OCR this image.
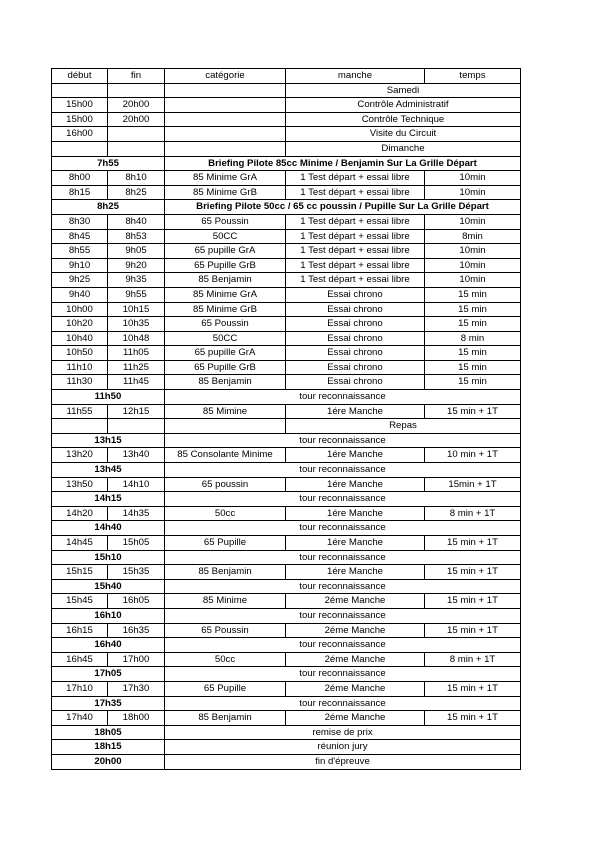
début	fin	catégorie	manche	temps
			Samedi	
15h00	20h00		Contrôle Administratif	
15h00	20h00		Contrôle Technique	
16h00			Visite du Circuit	
			Dimanche	
7h55		Briefing Pilote 85cc Minime / Benjamin Sur La Grille Départ		
8h00	8h10	85 Minime GrA	1 Test départ + essai libre	10min
8h15	8h25	85 Minime GrB	1 Test départ + essai libre	10min
8h25		Briefing Pilote 50cc / 65 cc poussin / Pupille Sur La Grille Départ		
8h30	8h40	65 Poussin	1 Test départ + essai libre	10min
8h45	8h53	50CC	1 Test départ + essai libre	8min
8h55	9h05	65 pupille GrA	1 Test départ + essai libre	10min
9h10	9h20	65 Pupille GrB	1 Test départ + essai libre	10min
9h25	9h35	85 Benjamin	1 Test départ + essai libre	10min
9h40	9h55	85 Minime GrA	Essai chrono	15 min
10h00	10h15	85 Minime GrB	Essai chrono	15 min
10h20	10h35	65 Poussin	Essai chrono	15 min
10h40	10h48	50CC	Essai chrono	8 min
10h50	11h05	65 pupille GrA	Essai chrono	15 min
11h10	11h25	65 Pupille GrB	Essai chrono	15 min
11h30	11h45	85 Benjamin	Essai chrono	15 min
11h50		tour reconnaissance		
11h55	12h15	85 Mimine	1ére Manche	15 min + 1T
			Repas	
13h15		tour reconnaissance		
13h20	13h40	85 Consolante Minime	1ére Manche	10 min + 1T
13h45		tour reconnaissance		
13h50	14h10	65 poussin	1ére Manche	15min + 1T
14h15		tour reconnaissance		
14h20	14h35	50cc	1ére Manche	8 min + 1T
14h40		tour reconnaissance		
14h45	15h05	65 Pupille	1ére Manche	15 min + 1T
15h10		tour reconnaissance		
15h15	15h35	85 Benjamin	1ére Manche	15 min + 1T
15h40		tour reconnaissance		
15h45	16h05	85 Minime	2éme Manche	15 min + 1T
16h10		tour reconnaissance		
16h15	16h35	65 Poussin	2éme Manche	15 min + 1T
16h40		tour reconnaissance		
16h45	17h00	50cc	2éme Manche	8 min + 1T
17h05		tour reconnaissance		
17h10	17h30	65 Pupille	2éme Manche	15 min + 1T
17h35		tour reconnaissance		
17h40	18h00	85 Benjamin	2éme Manche	15 min + 1T
18h05		remise de prix		
18h15		réunion jury		
20h00		fin d'épreuve		
